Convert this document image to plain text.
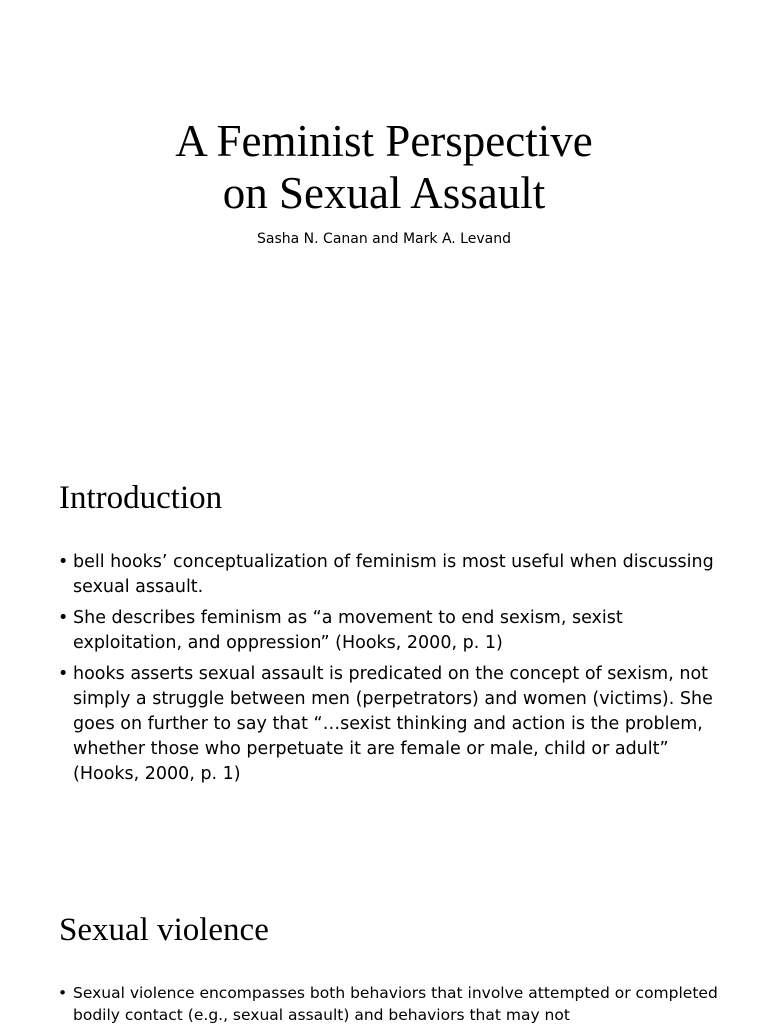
A Feminist Perspective
on Sexual Assault

Sasha N. Canan and Mark A. Levand

Introduction
• bell hooks’ conceptualization of feminism is most useful when discussing sexual assault.
• She describes feminism as “a movement to end sexism, sexist exploitation, and oppression” (Hooks, 2000, p. 1)
• hooks asserts sexual assault is predicated on the concept of sexism, not simply a struggle between men (perpetrators) and women (victims). She goes on further to say that “…sexist thinking and action is the problem, whether those who perpetuate it are female or male, child or adult” (Hooks, 2000, p. 1)
Sexual violence
• Sexual violence encompasses both behaviors that involve attempted or completed bodily contact (e.g., sexual assault) and behaviors that may not
